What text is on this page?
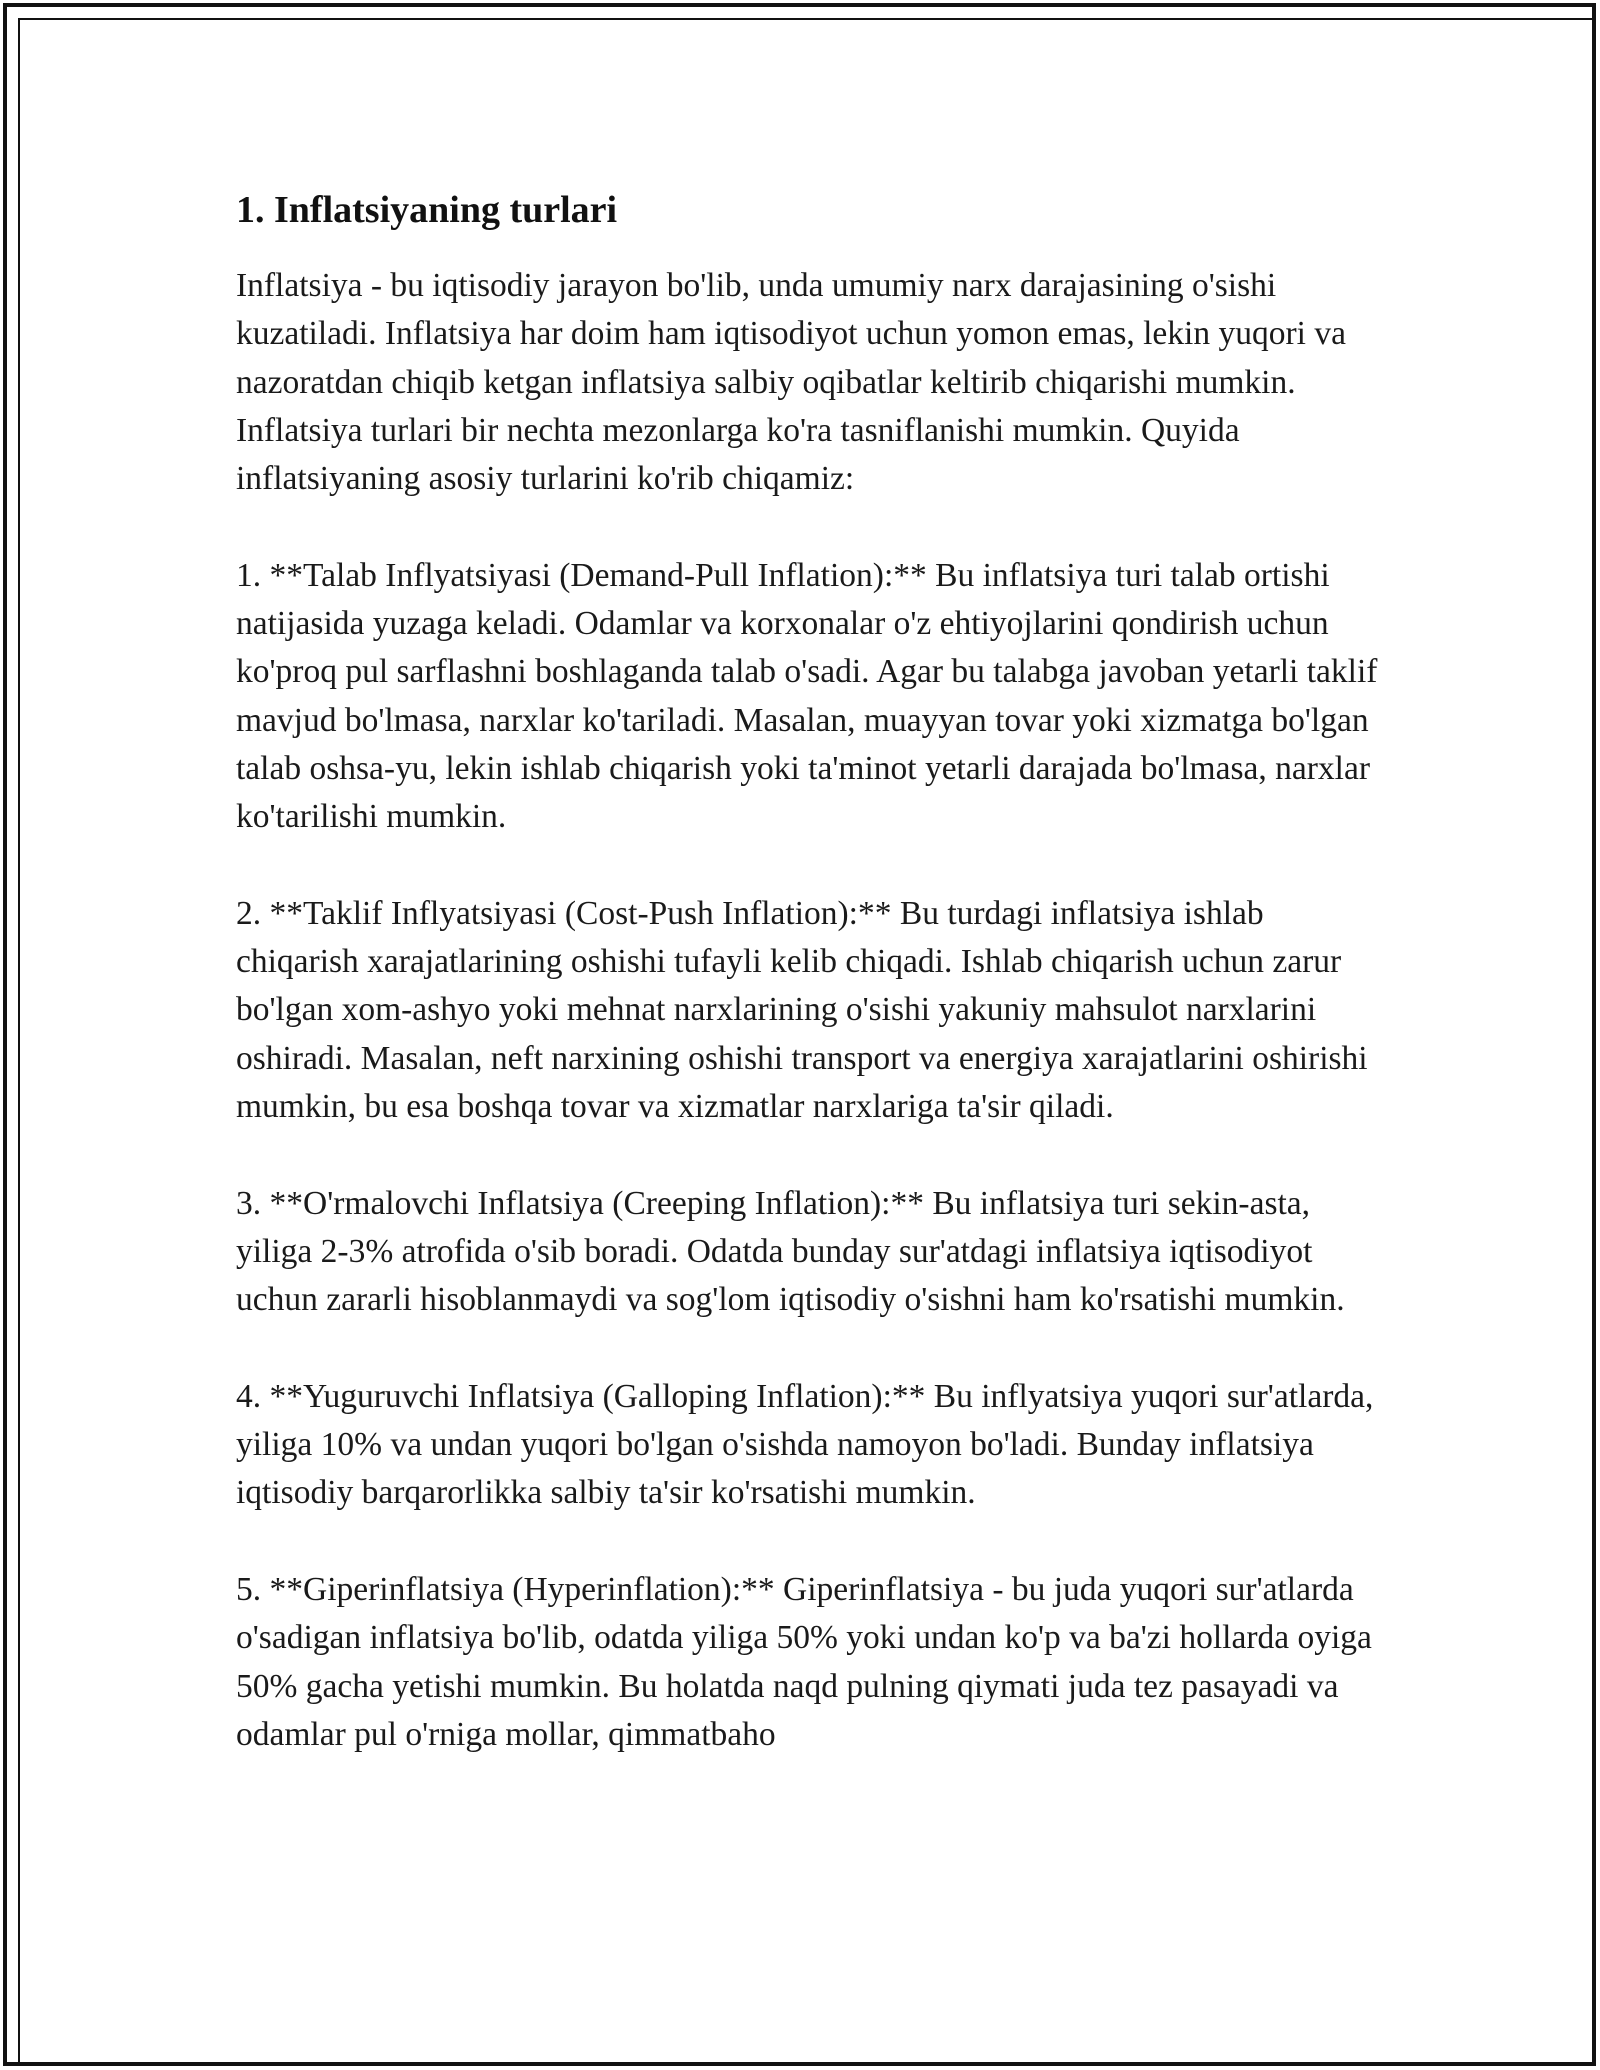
1. Inflatsiyaning turlari

Inflatsiya - bu iqtisodiy jarayon bo'lib, unda umumiy narx darajasining o'sishi kuzatiladi. Inflatsiya har doim ham iqtisodiyot uchun yomon emas, lekin yuqori va nazoratdan chiqib ketgan inflatsiya salbiy oqibatlar keltirib chiqarishi mumkin. Inflatsiya turlari bir nechta mezonlarga ko'ra tasniflanishi mumkin. Quyida inflatsiyaning asosiy turlarini ko'rib chiqamiz:

1. **Talab Inflyatsiyasi (Demand-Pull Inflation):** Bu inflatsiya turi talab ortishi natijasida yuzaga keladi. Odamlar va korxonalar o'z ehtiyojlarini qondirish uchun ko'proq pul sarflashni boshlaganda talab o'sadi. Agar bu talabga javoban yetarli taklif mavjud bo'lmasa, narxlar ko'tariladi. Masalan, muayyan tovar yoki xizmatga bo'lgan talab oshsa-yu, lekin ishlab chiqarish yoki ta'minot yetarli darajada bo'lmasa, narxlar ko'tarilishi mumkin.

2. **Taklif Inflyatsiyasi (Cost-Push Inflation):** Bu turdagi inflatsiya ishlab chiqarish xarajatlarining oshishi tufayli kelib chiqadi. Ishlab chiqarish uchun zarur bo'lgan xom-ashyo yoki mehnat narxlarining o'sishi yakuniy mahsulot narxlarini oshiradi. Masalan, neft narxining oshishi transport va energiya xarajatlarini oshirishi mumkin, bu esa boshqa tovar va xizmatlar narxlariga ta'sir qiladi.

3. **O'rmalovchi Inflatsiya (Creeping Inflation):** Bu inflatsiya turi sekin-asta, yiliga 2-3% atrofida o'sib boradi. Odatda bunday sur'atdagi inflatsiya iqtisodiyot uchun zararli hisoblanmaydi va sog'lom iqtisodiy o'sishni ham ko'rsatishi mumkin.

4. **Yuguruvchi Inflatsiya (Galloping Inflation):** Bu inflyatsiya yuqori sur'atlarda, yiliga 10% va undan yuqori bo'lgan o'sishda namoyon bo'ladi. Bunday inflatsiya iqtisodiy barqarorlikka salbiy ta'sir ko'rsatishi mumkin.

5. **Giperinflatsiya (Hyperinflation):** Giperinflatsiya - bu juda yuqori sur'atlarda o'sadigan inflatsiya bo'lib, odatda yiliga 50% yoki undan ko'p va ba'zi hollarda oyiga 50% gacha yetishi mumkin. Bu holatda naqd pulning qiymati juda tez pasayadi va odamlar pul o'rniga mollar, qimmatbaho
